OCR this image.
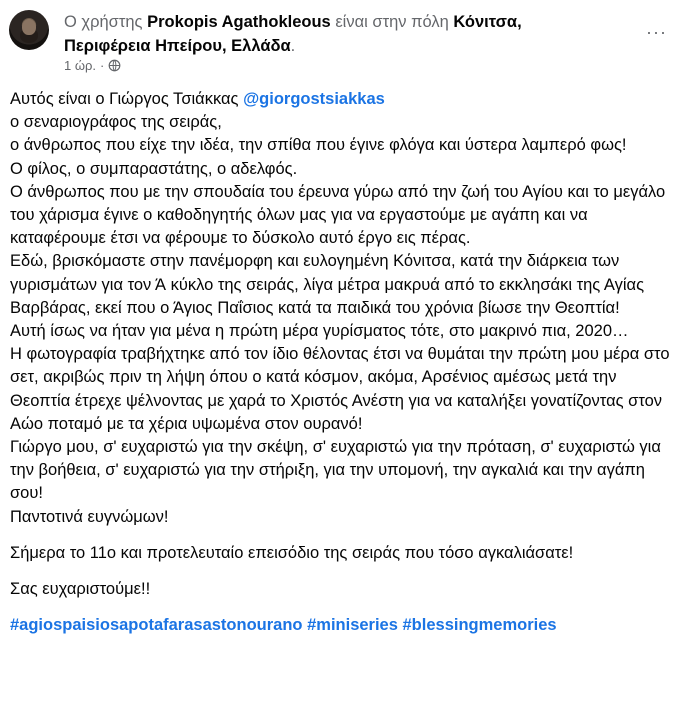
Ο χρήστης Prokopis Agathokleous είναι στην πόλη Κόνιτσα,
Περιφέρεια Ηπείρου, Ελλάδα.
1 ώρ. ·
···

Αυτός είναι ο Γιώργος Τσιάκκας @giorgostsiakkas

ο σεναριογράφος της σειράς,

ο άνθρωπος που είχε την ιδέα, την σπίθα που έγινε φλόγα και ύστερα λαμπερό φως!

Ο φίλος, ο συμπαραστάτης, ο αδελφός.

Ο άνθρωπος που με την σπουδαία του έρευνα γύρω από την ζωή του Αγίου και το μεγάλο του χάρισμα έγινε ο καθοδηγητής όλων μας για να εργαστούμε με αγάπη και να καταφέρουμε έτσι να φέρουμε το δύσκολο αυτό έργο εις πέρας.

Εδώ, βρισκόμαστε στην πανέμορφη και ευλογημένη Κόνιτσα, κατά την διάρκεια των γυρισμάτων για τον Ά κύκλο της σειράς, λίγα μέτρα μακρυά από το εκκλησάκι της Αγίας Βαρβάρας, εκεί που ο Άγιος Παΐσιος κατά τα παιδικά του χρόνια βίωσε την Θεοπτία!

Αυτή ίσως να ήταν για μένα η πρώτη μέρα γυρίσματος τότε, στο μακρινό πια, 2020…

Η φωτογραφία τραβήχτηκε από τον ίδιο θέλοντας έτσι να θυμάται την πρώτη μου μέρα στο σετ, ακριβώς πριν τη λήψη όπου ο κατά κόσμον, ακόμα, Αρσένιος αμέσως μετά την Θεοπτία έτρεχε ψέλνοντας με χαρά το Χριστός Ανέστη για να καταλήξει γονατίζοντας στον Αώο ποταμό με τα χέρια υψωμένα στον ουρανό!

Γιώργο μου, σ' ευχαριστώ για την σκέψη, σ' ευχαριστώ για την πρόταση, σ' ευχαριστώ για την βοήθεια, σ' ευχαριστώ για την στήριξη, για την υπομονή, την αγκαλιά και την αγάπη σου!

Παντοτινά ευγνώμων!

Σήμερα το 11ο και προτελευταίο επεισόδιο της σειράς που τόσο αγκαλιάσατε!

Σας ευχαριστούμε!!

#agiospaisiosapotafarasastonourano #miniseries #blessingmemories
